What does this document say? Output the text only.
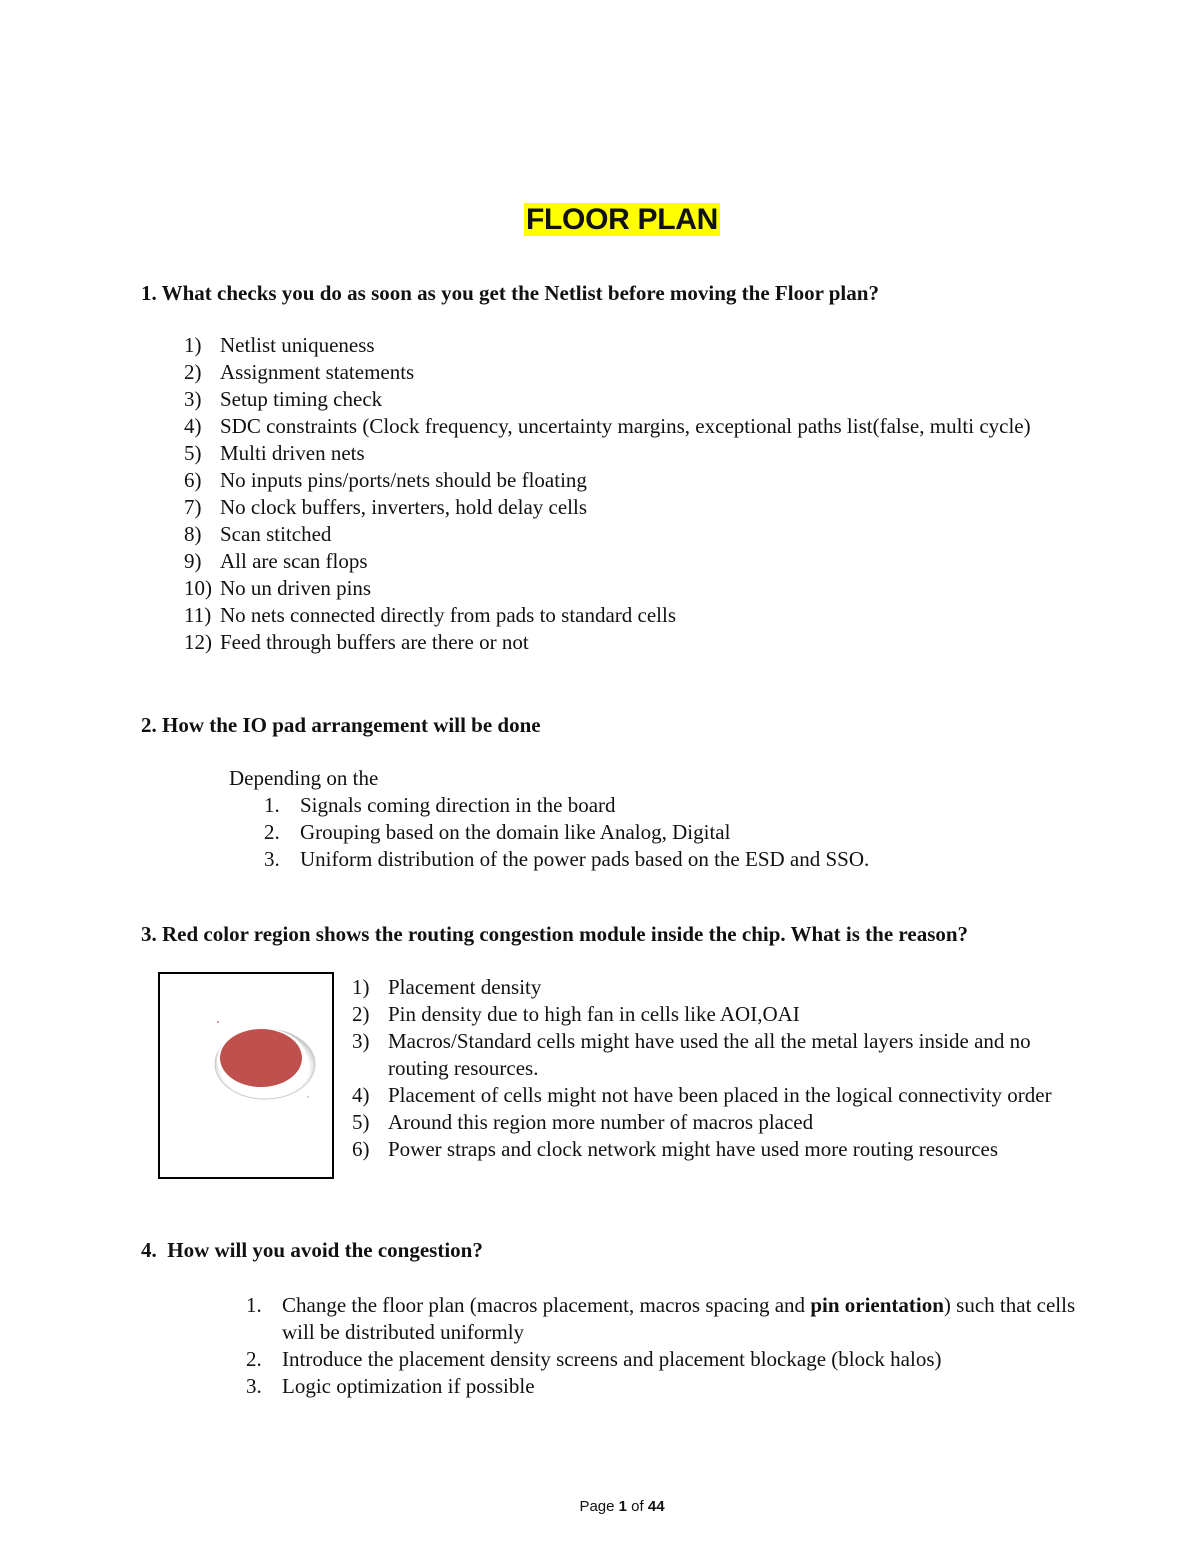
FLOOR PLAN

1. What checks you do as soon as you get the Netlist before moving the Floor plan?

1) Netlist uniqueness
2) Assignment statements
3) Setup timing check
4) SDC constraints (Clock frequency, uncertainty margins, exceptional paths list(false, multi cycle)
5) Multi driven nets
6) No inputs pins/ports/nets should be floating
7) No clock buffers, inverters, hold delay cells
8) Scan stitched
9) All are scan flops
10) No un driven pins
11) No nets connected directly from pads to standard cells
12) Feed through buffers are there or not

2. How the IO pad arrangement will be done

Depending on the

1. Signals coming direction in the board
2. Grouping based on the domain like Analog, Digital
3. Uniform distribution of the power pads based on the ESD and SSO.

3. Red color region shows the routing congestion module inside the chip. What is the reason?

1) Placement density
2) Pin density due to high fan in cells like AOI,OAI
3) Macros/Standard cells might have used the all the metal layers inside and no routing resources.
4) Placement of cells might not have been placed in the logical connectivity order
5) Around this region more number of macros placed
6) Power straps and clock network might have used more routing resources

4. How will you avoid the congestion?

1. Change the floor plan (macros placement, macros spacing and pin orientation) such that cells will be distributed uniformly
2. Introduce the placement density screens and placement blockage (block halos)
3. Logic optimization if possible
Page 1 of 44
